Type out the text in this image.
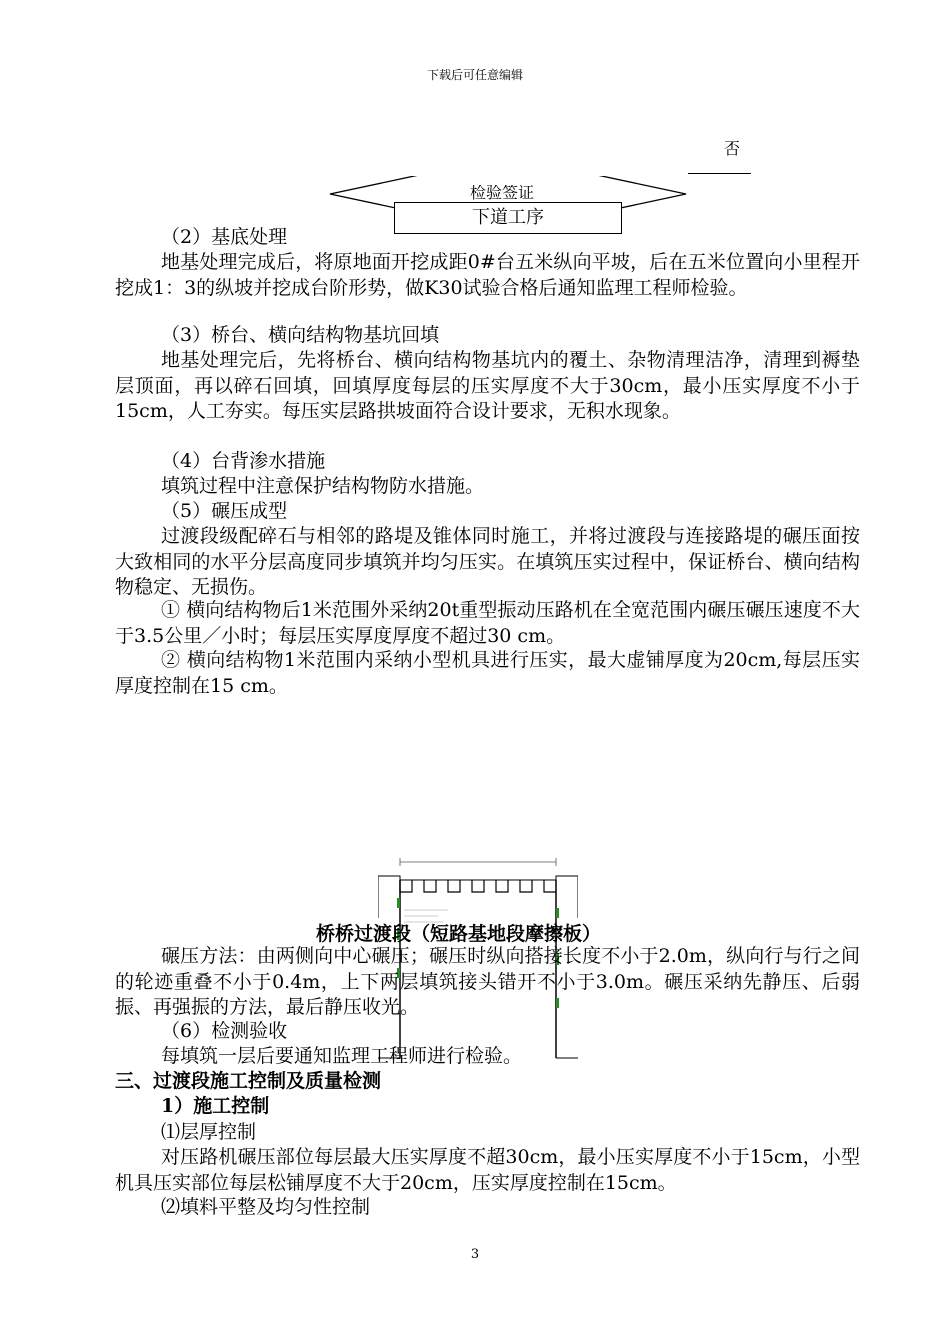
下载后可任意编辑
否
检验签证
下道工序

（2）基底处理

地基处理完成后，将原地面开挖成距0#台五米纵向平坡，后在五米位置向小里程开挖成1：3的纵坡并挖成台阶形势，做K30试验合格后通知监理工程师检验。

（3）桥台、横向结构物基坑回填

地基处理完后，先将桥台、横向结构物基坑内的覆土、杂物清理洁净，清理到褥垫层顶面，再以碎石回填，回填厚度每层的压实厚度不大于30cm，最小压实厚度不小于15cm，人工夯实。每压实层路拱坡面符合设计要求，无积水现象。

（4）台背渗水措施

填筑过程中注意保护结构物防水措施。

（5）碾压成型

过渡段级配碎石与相邻的路堤及锥体同时施工，并将过渡段与连接路堤的碾压面按大致相同的水平分层高度同步填筑并均匀压实。在填筑压实过程中，保证桥台、横向结构物稳定、无损伤。

① 横向结构物后1米范围外采纳20t重型振动压路机在全宽范围内碾压碾压速度不大于3.5公里／小时；每层压实厚度厚度不超过30 cm。

② 横向结构物1米范围内采纳小型机具进行压实，最大虚铺厚度为20cm,每层压实厚度控制在15 cm。

桥桥过渡段（短路基地段摩擦板）

碾压方法：由两侧向中心碾压；碾压时纵向搭接长度不小于2.0m，纵向行与行之间的轮迹重叠不小于0.4m，上下两层填筑接头错开不小于3.0m。碾压采纳先静压、后弱振、再强振的方法，最后静压收光。

（6）检测验收

每填筑一层后要通知监理工程师进行检验。

三、过渡段施工控制及质量检测

1）施工控制

⑴层厚控制

对压路机碾压部位每层最大压实厚度不超30cm，最小压实厚度不小于15cm，小型机具压实部位每层松铺厚度不大于20cm，压实厚度控制在15cm。

⑵填料平整及均匀性控制

3
